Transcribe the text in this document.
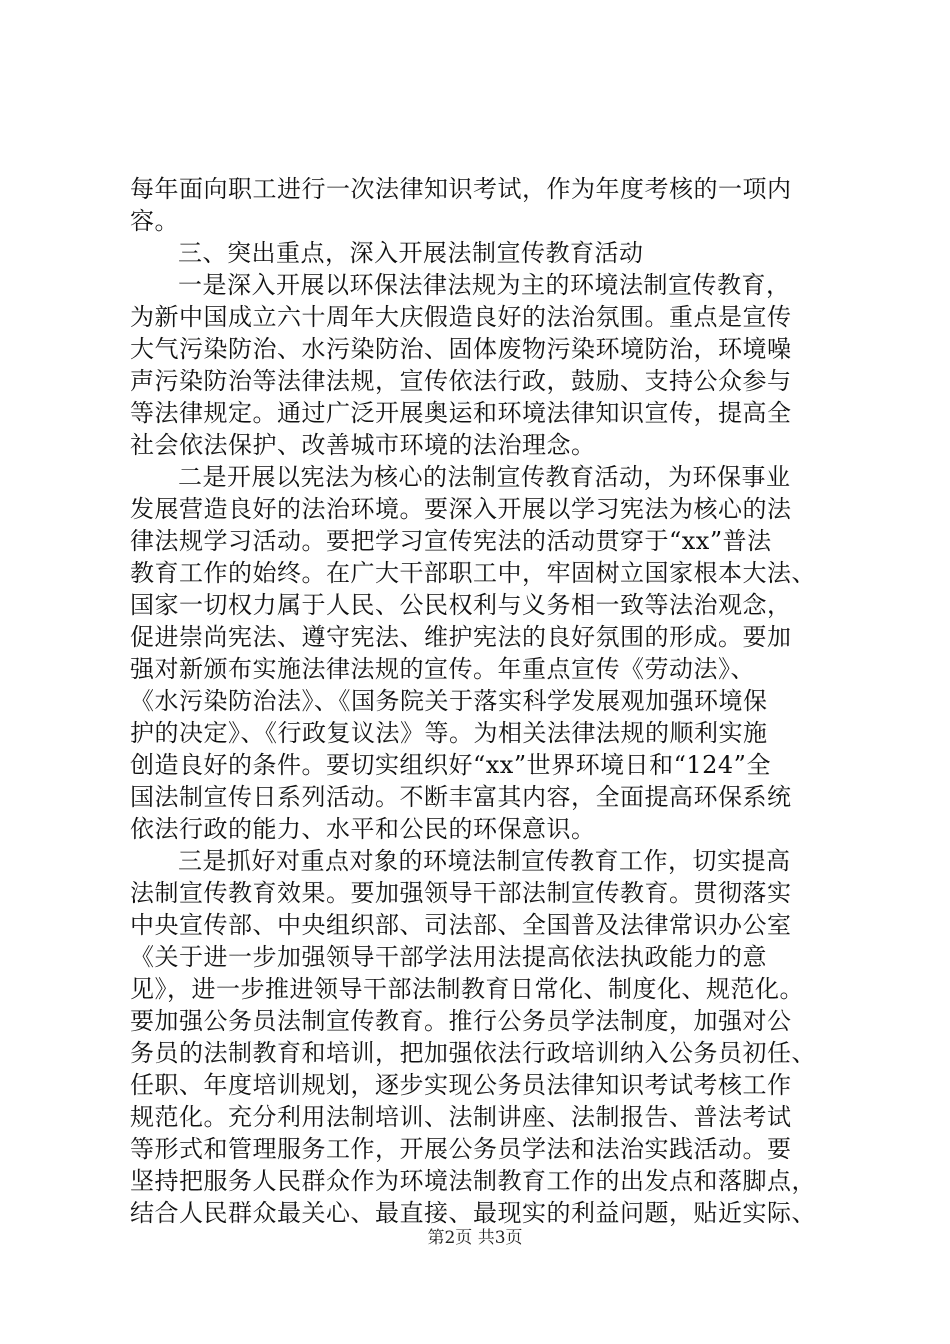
每年面向职工进行一次法律知识考试，作为年度考核的一项内
容。
三、突出重点，深入开展法制宣传教育活动
一是深入开展以环保法律法规为主的环境法制宣传教育，
为新中国成立六十周年大庆假造良好的法治氛围。重点是宣传
大气污染防治、水污染防治、固体废物污染环境防治，环境噪
声污染防治等法律法规，宣传依法行政，鼓励、支持公众参与
等法律规定。通过广泛开展奥运和环境法律知识宣传，提高全
社会依法保护、改善城市环境的法治理念。
二是开展以宪法为核心的法制宣传教育活动，为环保事业
发展营造良好的法治环境。要深入开展以学习宪法为核心的法
律法规学习活动。要把学习宣传宪法的活动贯穿于“xx”普法
教育工作的始终。在广大干部职工中，牢固树立国家根本大法、
国家一切权力属于人民、公民权利与义务相一致等法治观念，
促进崇尚宪法、遵守宪法、维护宪法的良好氛围的形成。要加
强对新颁布实施法律法规的宣传。年重点宣传《劳动法》、
《水污染防治法》、《国务院关于落实科学发展观加强环境保
护的决定》、《行政复议法》等。为相关法律法规的顺利实施
创造良好的条件。要切实组织好“xx”世界环境日和“124”全
国法制宣传日系列活动。不断丰富其内容，全面提高环保系统
依法行政的能力、水平和公民的环保意识。
三是抓好对重点对象的环境法制宣传教育工作，切实提高
法制宣传教育效果。要加强领导干部法制宣传教育。贯彻落实
中央宣传部、中央组织部、司法部、全国普及法律常识办公室
《关于进一步加强领导干部学法用法提高依法执政能力的意
见》，进一步推进领导干部法制教育日常化、制度化、规范化。
要加强公务员法制宣传教育。推行公务员学法制度，加强对公
务员的法制教育和培训，把加强依法行政培训纳入公务员初任、
任职、年度培训规划，逐步实现公务员法律知识考试考核工作
规范化。充分利用法制培训、法制讲座、法制报告、普法考试
等形式和管理服务工作，开展公务员学法和法治实践活动。要
坚持把服务人民群众作为环境法制教育工作的出发点和落脚点，
结合人民群众最关心、最直接、最现实的利益问题，贴近实际、
第2页 共3页
